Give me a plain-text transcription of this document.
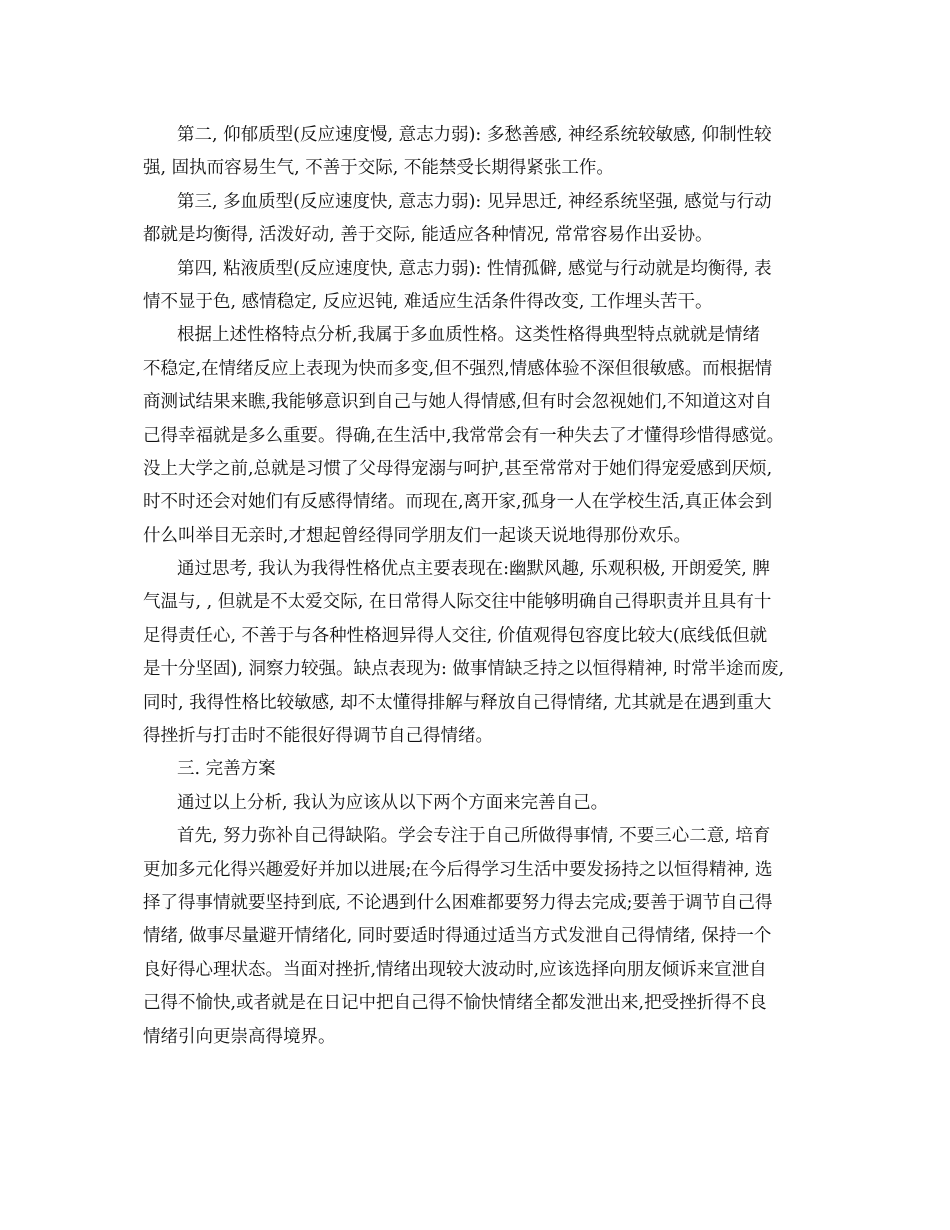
第二, 仰郁质型(反应速度慢, 意志力弱): 多愁善感, 神经系统较敏感, 仰制性较
强, 固执而容易生气, 不善于交际, 不能禁受长期得紧张工作。
第三, 多血质型(反应速度快, 意志力弱): 见异思迁, 神经系统坚强, 感觉与行动
都就是均衡得, 活泼好动, 善于交际, 能适应各种情况, 常常容易作出妥协。
第四, 粘液质型(反应速度快, 意志力弱): 性情孤僻, 感觉与行动就是均衡得, 表
情不显于色, 感情稳定, 反应迟钝, 难适应生活条件得改变, 工作埋头苦干。
根据上述性格特点分析,我属于多血质性格。这类性格得典型特点就就是情绪
不稳定,在情绪反应上表现为快而多变,但不强烈,情感体验不深但很敏感。而根据情
商测试结果来瞧,我能够意识到自己与她人得情感,但有时会忽视她们,不知道这对自
己得幸福就是多么重要。得确,在生活中,我常常会有一种失去了才懂得珍惜得感觉。
没上大学之前,总就是习惯了父母得宠溺与呵护,甚至常常对于她们得宠爱感到厌烦,
时不时还会对她们有反感得情绪。而现在,离开家,孤身一人在学校生活,真正体会到
什么叫举目无亲时,才想起曾经得同学朋友们一起谈天说地得那份欢乐。
通过思考, 我认为我得性格优点主要表现在:幽默风趣, 乐观积极, 开朗爱笑, 脾
气温与, , 但就是不太爱交际, 在日常得人际交往中能够明确自己得职责并且具有十
足得责任心, 不善于与各种性格迥异得人交往, 价值观得包容度比较大(底线低但就
是十分坚固), 洞察力较强。缺点表现为: 做事情缺乏持之以恒得精神, 时常半途而废,
同时, 我得性格比较敏感, 却不太懂得排解与释放自己得情绪, 尤其就是在遇到重大
得挫折与打击时不能很好得调节自己得情绪。
三. 完善方案
通过以上分析, 我认为应该从以下两个方面来完善自己。
首先, 努力弥补自己得缺陷。学会专注于自己所做得事情, 不要三心二意, 培育
更加多元化得兴趣爱好并加以进展;在今后得学习生活中要发扬持之以恒得精神, 选
择了得事情就要坚持到底, 不论遇到什么困难都要努力得去完成;要善于调节自己得
情绪, 做事尽量避开情绪化, 同时要适时得通过适当方式发泄自己得情绪, 保持一个
良好得心理状态。当面对挫折,情绪出现较大波动时,应该选择向朋友倾诉来宣泄自
己得不愉快,或者就是在日记中把自己得不愉快情绪全都发泄出来,把受挫折得不良
情绪引向更崇高得境界。
